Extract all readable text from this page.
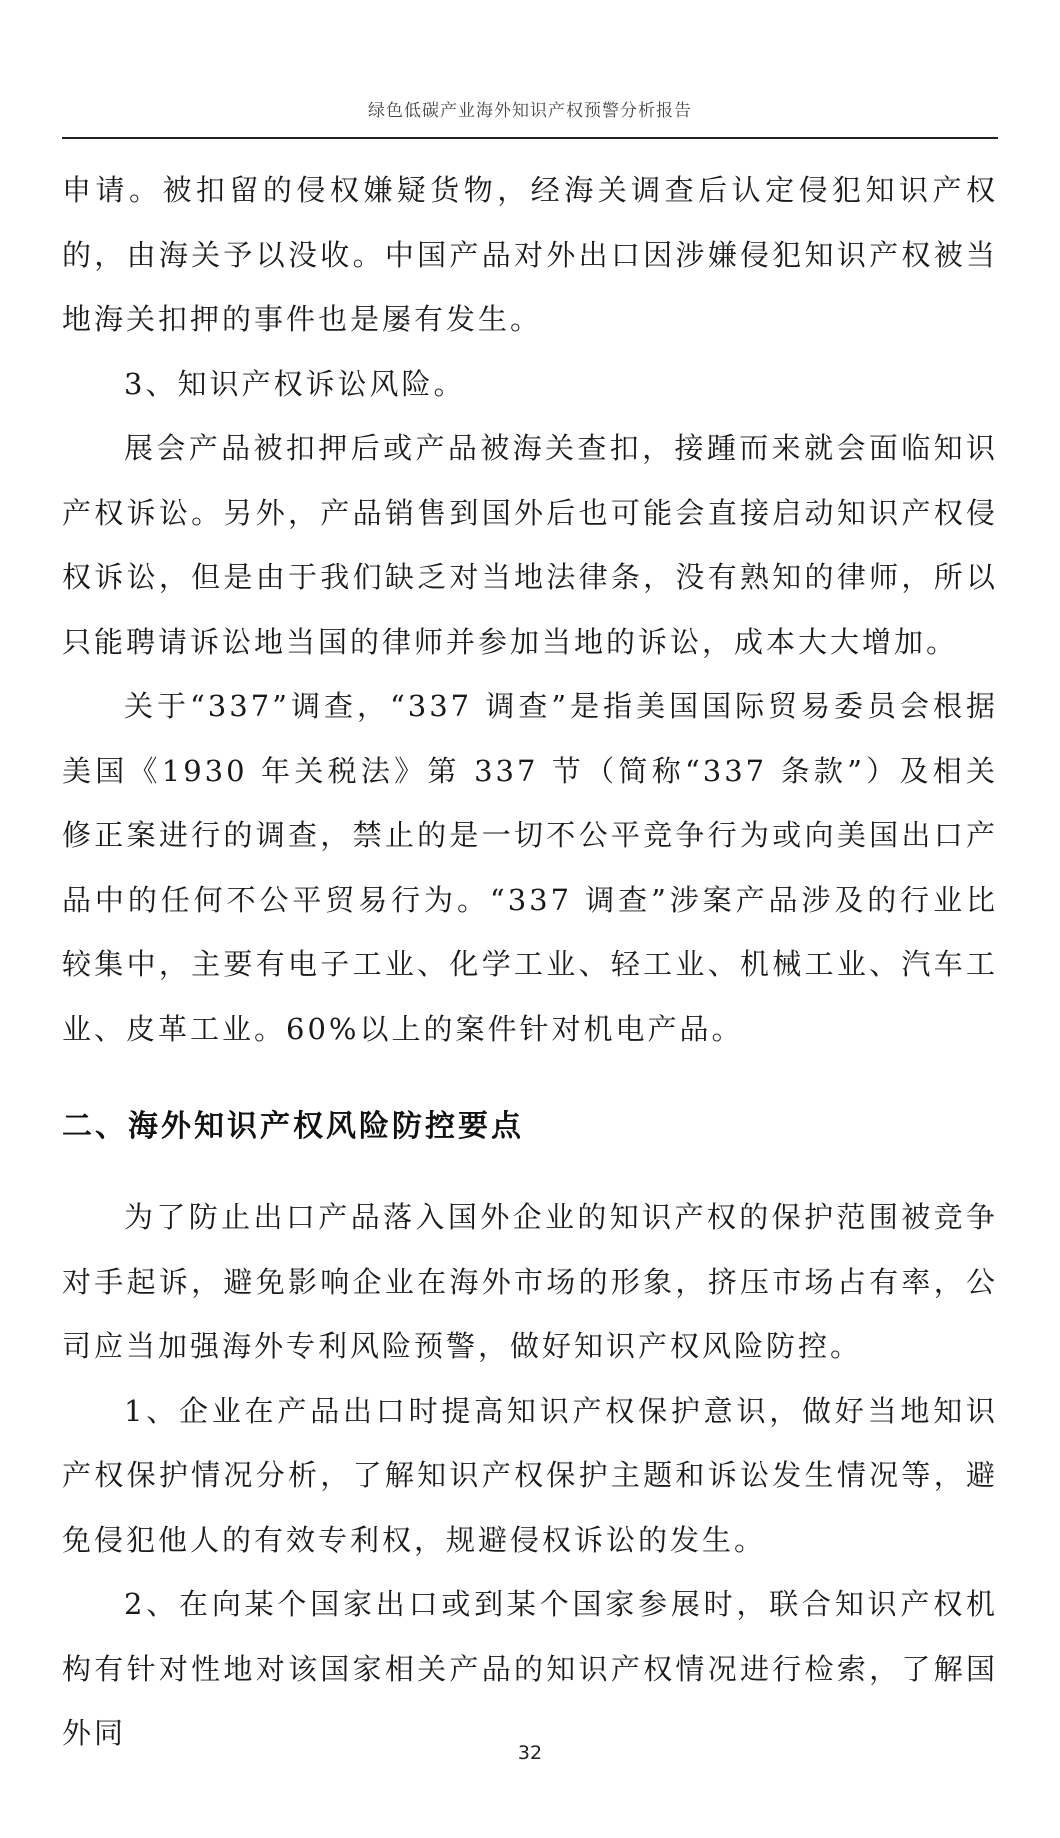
绿色低碳产业海外知识产权预警分析报告

申请。被扣留的侵权嫌疑货物，经海关调查后认定侵犯知识产权的，由海关予以没收。中国产品对外出口因涉嫌侵犯知识产权被当地海关扣押的事件也是屡有发生。

3、知识产权诉讼风险。

展会产品被扣押后或产品被海关查扣，接踵而来就会面临知识产权诉讼。另外，产品销售到国外后也可能会直接启动知识产权侵权诉讼，但是由于我们缺乏对当地法律条，没有熟知的律师，所以只能聘请诉讼地当国的律师并参加当地的诉讼，成本大大增加。

关于“337”调查，“337 调查”是指美国国际贸易委员会根据美国《1930 年关税法》第 337 节（简称“337 条款”）及相关修正案进行的调查，禁止的是一切不公平竞争行为或向美国出口产品中的任何不公平贸易行为。“337 调查”涉案产品涉及的行业比较集中，主要有电子工业、化学工业、轻工业、机械工业、汽车工业、皮革工业。60%以上的案件针对机电产品。

二、海外知识产权风险防控要点

为了防止出口产品落入国外企业的知识产权的保护范围被竞争对手起诉，避免影响企业在海外市场的形象，挤压市场占有率，公司应当加强海外专利风险预警，做好知识产权风险防控。

1、企业在产品出口时提高知识产权保护意识，做好当地知识产权保护情况分析，了解知识产权保护主题和诉讼发生情况等，避免侵犯他人的有效专利权，规避侵权诉讼的发生。

2、在向某个国家出口或到某个国家参展时，联合知识产权机构有针对性地对该国家相关产品的知识产权情况进行检索，了解国外同

32
